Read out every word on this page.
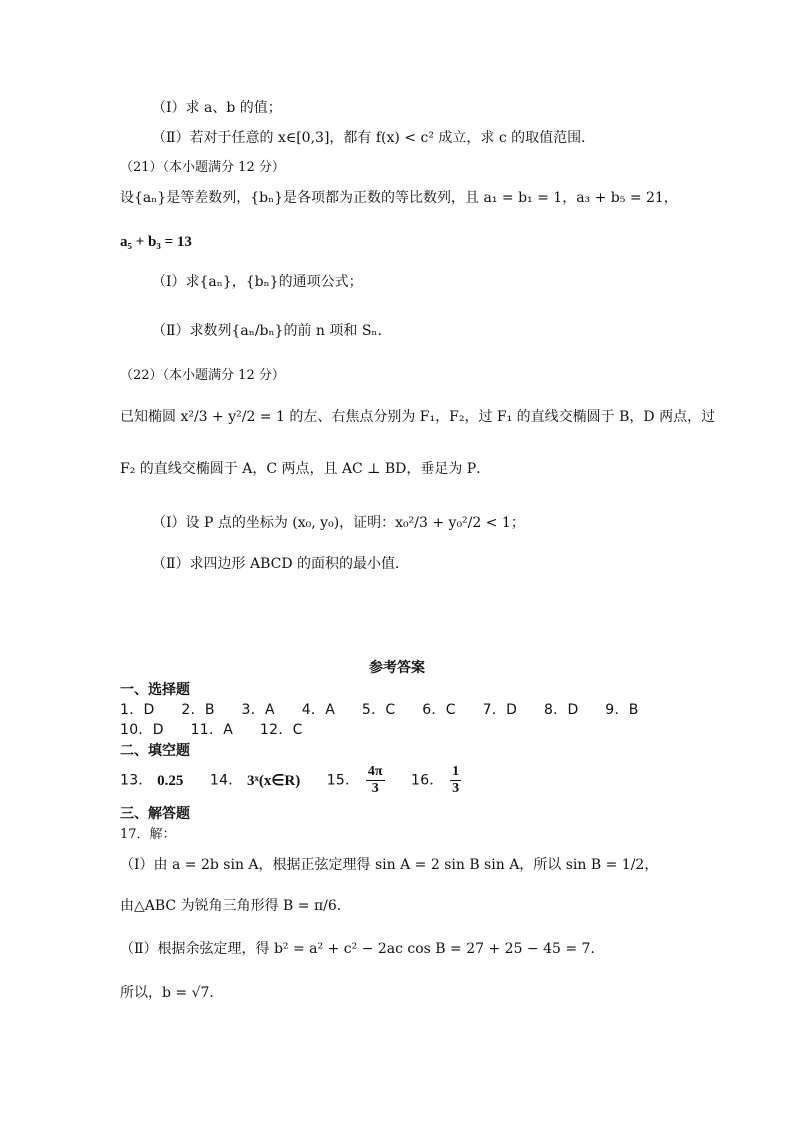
（Ⅰ）求 a、b 的值；
（Ⅱ）若对于任意的 x∈[0,3]，都有 f(x) < c² 成立，求 c 的取值范围．
（21）（本小题满分 12 分）
设{aₙ}是等差数列，{bₙ}是各项都为正数的等比数列，且 a₁ = b₁ = 1，a₃ + b₅ = 21，
a₅ + b₃ = 13
（Ⅰ）求{aₙ}，{bₙ}的通项公式；
（Ⅱ）求数列{aₙ/bₙ}的前 n 项和 Sₙ．
（22）（本小题满分 12 分）
已知椭圆 x²/3 + y²/2 = 1 的左、右焦点分别为 F₁，F₂，过 F₁ 的直线交椭圆于 B，D 两点，过
F₂ 的直线交椭圆于 A，C 两点，且 AC ⊥ BD，垂足为 P．
（Ⅰ）设 P 点的坐标为 (x₀, y₀)，证明：x₀²/3 + y₀²/2 < 1；
（Ⅱ）求四边形 ABCD 的面积的最小值．
参考答案
一、选择题
1．D 2．B 3．A 4．A 5．C 6．C 7．D 8．D 9．B
10．D 11．A 12．C
二、填空题
13． 0.25 14． 3ˣ(x∈R) 15． $\frac{4\pi}{3} 16$． $\frac{1}{3}$
三、解答题
17．解：
（Ⅰ）由 a = 2b sin A，根据正弦定理得 sin A = 2 sin B sin A，所以 sin B = 1/2，
由△ABC 为锐角三角形得 B = π/6．
（Ⅱ）根据余弦定理，得 b² = a² + c² − 2ac cos B = 27 + 25 − 45 = 7．
所以，b = √7．
